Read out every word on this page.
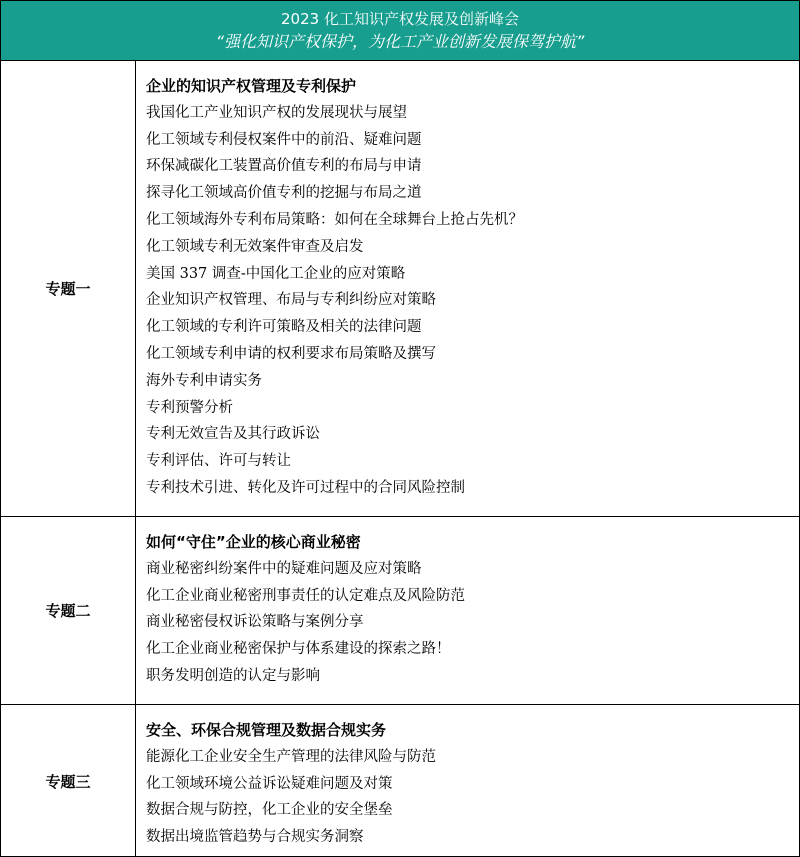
2023 化工知识产权发展及创新峰会
“强化知识产权保护，为化工产业创新发展保驾护航”
专题一
企业的知识产权管理及专利保护
我国化工产业知识产权的发展现状与展望
化工领域专利侵权案件中的前沿、疑难问题
环保减碳化工装置高价值专利的布局与申请
探寻化工领域高价值专利的挖掘与布局之道
化工领域海外专利布局策略：如何在全球舞台上抢占先机？
化工领域专利无效案件审查及启发
美国 337 调查-中国化工企业的应对策略
企业知识产权管理、布局与专利纠纷应对策略
化工领域的专利许可策略及相关的法律问题
化工领域专利申请的权利要求布局策略及撰写
海外专利申请实务
专利预警分析
专利无效宣告及其行政诉讼
专利评估、许可与转让
专利技术引进、转化及许可过程中的合同风险控制
专题二
如何“守住”企业的核心商业秘密
商业秘密纠纷案件中的疑难问题及应对策略
化工企业商业秘密刑事责任的认定难点及风险防范
商业秘密侵权诉讼策略与案例分享
化工企业商业秘密保护与体系建设的探索之路！
职务发明创造的认定与影响
专题三
安全、环保合规管理及数据合规实务
能源化工企业安全生产管理的法律风险与防范
化工领域环境公益诉讼疑难问题及对策
数据合规与防控，化工企业的安全堡垒
数据出境监管趋势与合规实务洞察
